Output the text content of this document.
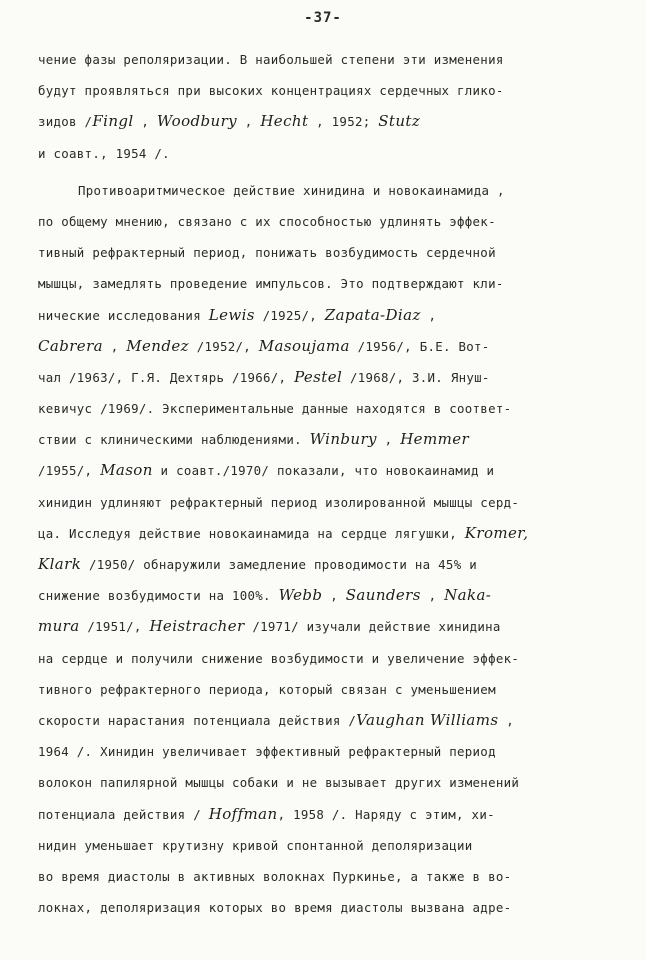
-37-
чение фазы реполяризации. В наибольшей степени эти изменения
будут проявляться при высоких концентрациях сердечных глико-
зидов /Fingl , Woodbury , Hecht , 1952; Stutz
и соавт., 1954 /.
Противоаритмическое действие хинидина и новокаинамида ,
по общему мнению, связано с их способностью удлинять эффек-
тивный рефрактерный период, понижать возбудимость сердечной
мышцы, замедлять проведение импульсов. Это подтверждают кли-
нические исследования Lewis /1925/, Zapata-Diaz ,
Cabrera , Mendez /1952/, Masoujama /1956/, Б.Е. Вот-
чал /1963/, Г.Я. Дехтярь /1966/, Pestel /1968/, З.И. Януш-
кевичус /1969/. Экспериментальные данные находятся в соответ-
ствии с клиническими наблюдениями. Winbury , Hemmer
/1955/, Mason и соавт./1970/ показали, что новокаинамид и
хинидин удлиняют рефрактерный период изолированной мышцы серд-
ца. Исследуя действие новокаинамида на сердце лягушки, Kromer,
Klark /1950/ обнаружили замедление проводимости на 45% и
снижение возбудимости на 100%. Webb , Saunders , Naka-
mura /1951/, Heistracher /1971/ изучали действие хинидина
на сердце и получили снижение возбудимости и увеличение эффек-
тивного рефрактерного периода, который связан с уменьшением
скорости нарастания потенциала действия /Vaughan Williams ,
1964 /. Хинидин увеличивает эффективный рефрактерный период
волокон папилярной мышцы собаки и не вызывает других изменений
потенциала действия / Hoffman, 1958 /. Наряду с этим, хи-
нидин уменьшает крутизну кривой спонтанной деполяризации
во время диастолы в активных волокнах Пуркинье, а также в во-
локнах, деполяризация которых во время диастолы вызвана адре-
